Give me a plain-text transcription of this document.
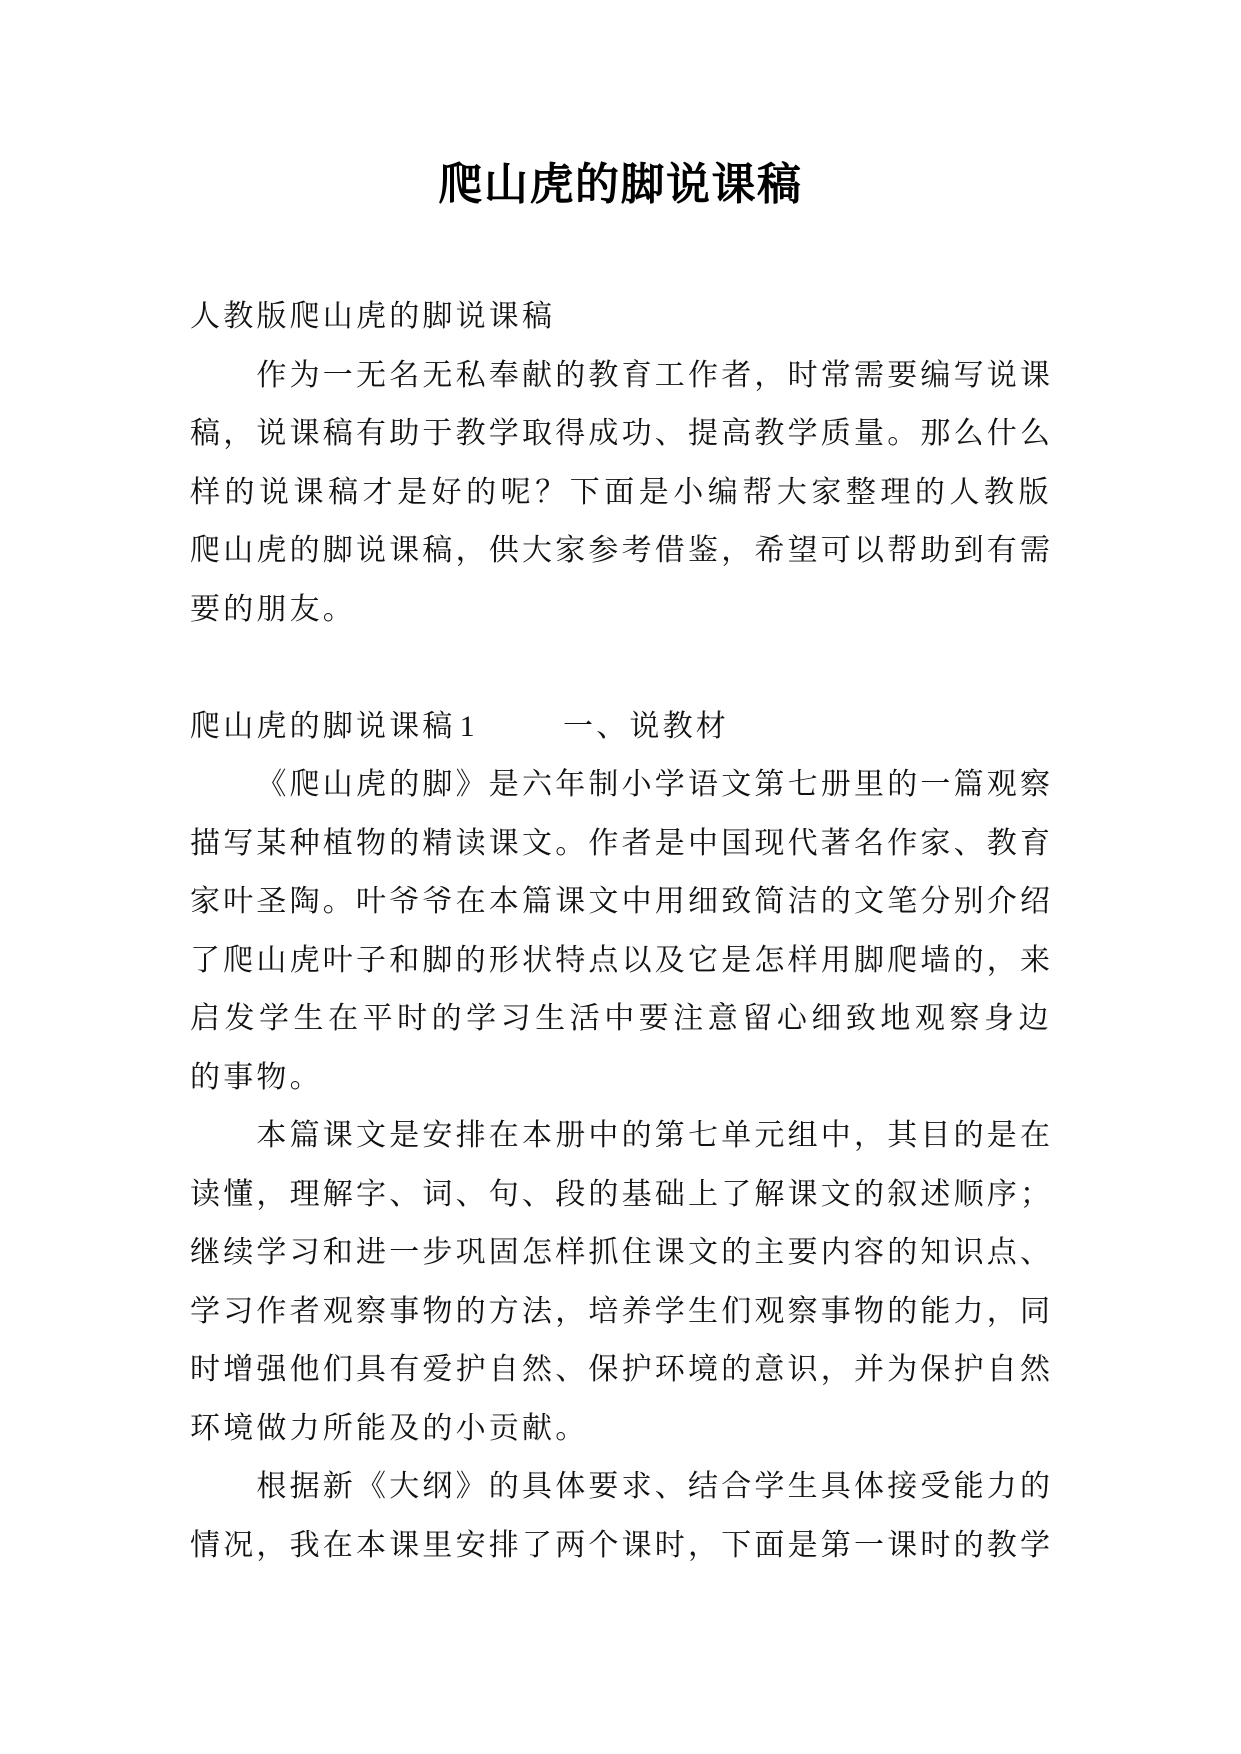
爬山虎的脚说课稿
人教版爬山虎的脚说课稿
作为一无名无私奉献的教育工作者，时常需要编写说课
稿，说课稿有助于教学取得成功、提高教学质量。那么什么
样的说课稿才是好的呢？下面是小编帮大家整理的人教版
爬山虎的脚说课稿，供大家参考借鉴，希望可以帮助到有需
要的朋友。
爬山虎的脚说课稿 1	一、说教材
《爬山虎的脚》是六年制小学语文第七册里的一篇观察
描写某种植物的精读课文。作者是中国现代著名作家、教育
家叶圣陶。叶爷爷在本篇课文中用细致简洁的文笔分别介绍
了爬山虎叶子和脚的形状特点以及它是怎样用脚爬墙的，来
启发学生在平时的学习生活中要注意留心细致地观察身边
的事物。
本篇课文是安排在本册中的第七单元组中，其目的是在
读懂，理解字、词、句、段的基础上了解课文的叙述顺序；
继续学习和进一步巩固怎样抓住课文的主要内容的知识点、
学习作者观察事物的方法，培养学生们观察事物的能力，同
时增强他们具有爱护自然、保护环境的意识，并为保护自然
环境做力所能及的小贡献。
根据新《大纲》的具体要求、结合学生具体接受能力的
情况，我在本课里安排了两个课时，下面是第一课时的教学
